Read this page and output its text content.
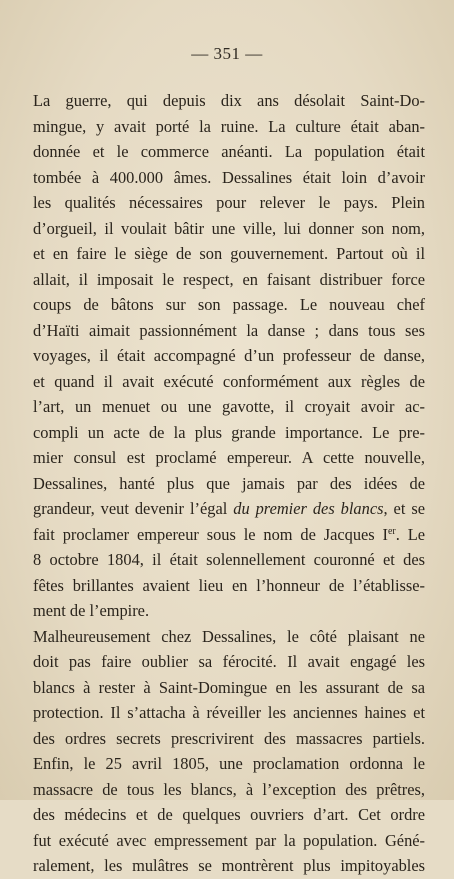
— 351 —
La guerre, qui depuis dix ans désolait Saint-Do-
mingue, y avait porté la ruine. La culture était aban-
donnée et le commerce anéanti. La population était
tombée à 400.000 âmes. Dessalines était loin d’avoir
les qualités nécessaires pour relever le pays. Plein
d’orgueil, il voulait bâtir une ville, lui donner son nom,
et en faire le siège de son gouvernement. Partout où il
allait, il imposait le respect, en faisant distribuer force
coups de bâtons sur son passage. Le nouveau chef
d’Haïti aimait passionnément la danse ; dans tous ses
voyages, il était accompagné d’un professeur de danse,
et quand il avait exécuté conformément aux règles de
l’art, un menuet ou une gavotte, il croyait avoir ac-
compli un acte de la plus grande importance. Le pre-
mier consul est proclamé empereur. A cette nouvelle,
Dessalines, hanté plus que jamais par des idées de
grandeur, veut devenir l’égal du premier des blancs, et se
fait proclamer empereur sous le nom de Jacques Ier. Le
8 octobre 1804, il était solennellement couronné et des
fêtes brillantes avaient lieu en l’honneur de l’établisse-
ment de l’empire.
Malheureusement chez Dessalines, le côté plaisant ne
doit pas faire oublier sa férocité. Il avait engagé les
blancs à rester à Saint-Domingue en les assurant de sa
protection. Il s’attacha à réveiller les anciennes haines et
des ordres secrets prescrivirent des massacres partiels.
Enfin, le 25 avril 1805, une proclamation ordonna le
massacre de tous les blancs, à l’exception des prêtres,
des médecins et de quelques ouvriers d’art. Cet ordre
fut exécuté avec empressement par la population. Géné-
ralement, les mulâtres se montrèrent plus impitoyables
